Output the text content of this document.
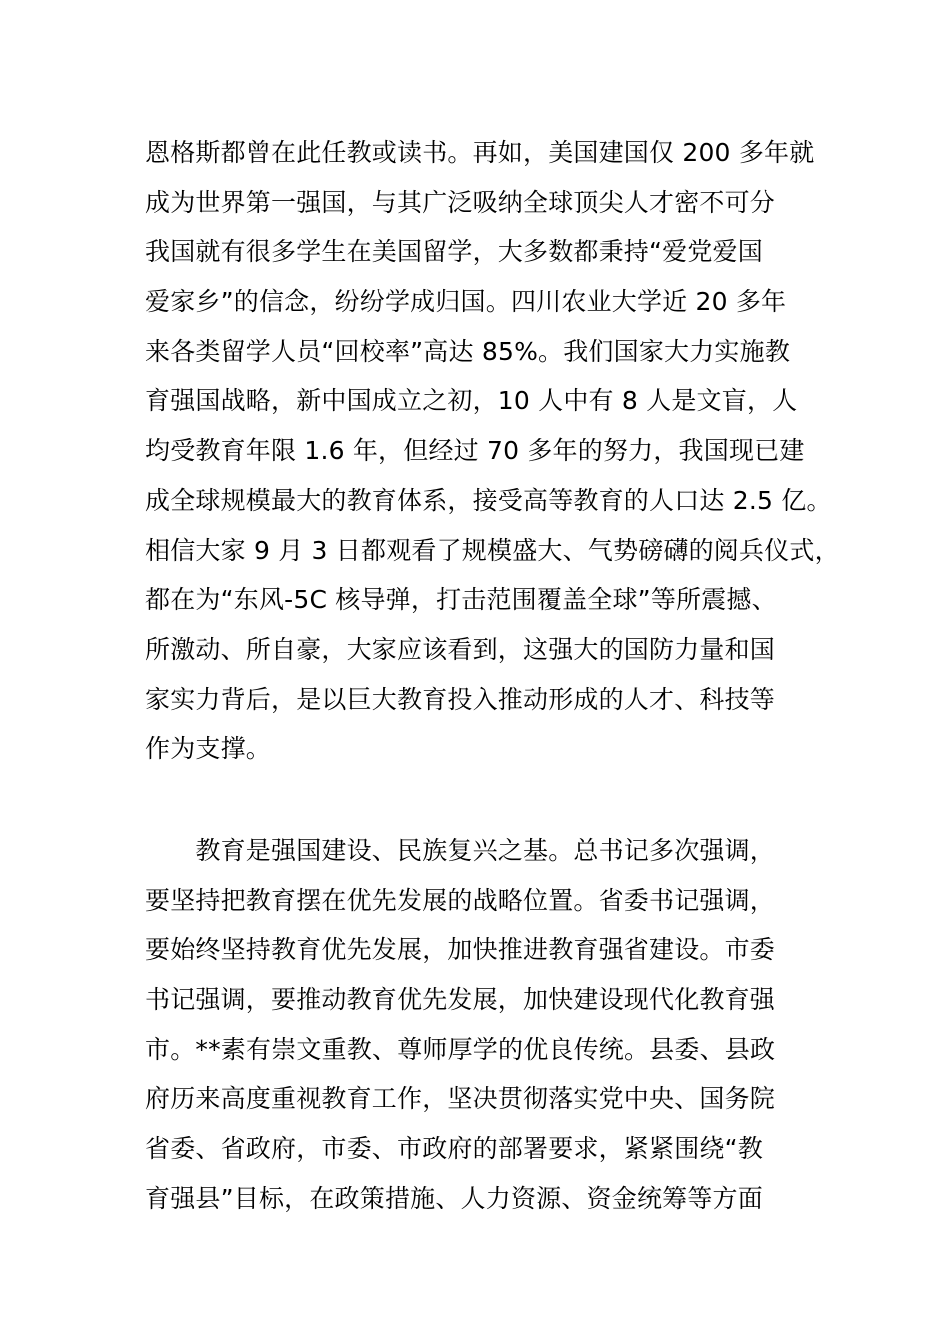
恩格斯都曾在此任教或读书。再如，美国建国仅 200 多年就
成为世界第一强国，与其广泛吸纳全球顶尖人才密不可分
我国就有很多学生在美国留学，大多数都秉持“爱党爱国
爱家乡”的信念，纷纷学成归国。四川农业大学近 20 多年
来各类留学人员“回校率”高达 85%。我们国家大力实施教
育强国战略，新中国成立之初，10 人中有 8 人是文盲，人
均受教育年限 1.6 年，但经过 70 多年的努力，我国现已建
成全球规模最大的教育体系，接受高等教育的人口达 2.5 亿。
相信大家 9 月 3 日都观看了规模盛大、气势磅礴的阅兵仪式，
都在为“东风-5C 核导弹，打击范围覆盖全球”等所震撼、
所激动、所自豪，大家应该看到，这强大的国防力量和国
家实力背后，是以巨大教育投入推动形成的人才、科技等
作为支撑。
　　教育是强国建设、民族复兴之基。总书记多次强调，
要坚持把教育摆在优先发展的战略位置。省委书记强调，
要始终坚持教育优先发展，加快推进教育强省建设。市委
书记强调，要推动教育优先发展，加快建设现代化教育强
市。**素有崇文重教、尊师厚学的优良传统。县委、县政
府历来高度重视教育工作，坚决贯彻落实党中央、国务院
省委、省政府，市委、市政府的部署要求，紧紧围绕“教
育强县”目标，在政策措施、人力资源、资金统筹等方面
